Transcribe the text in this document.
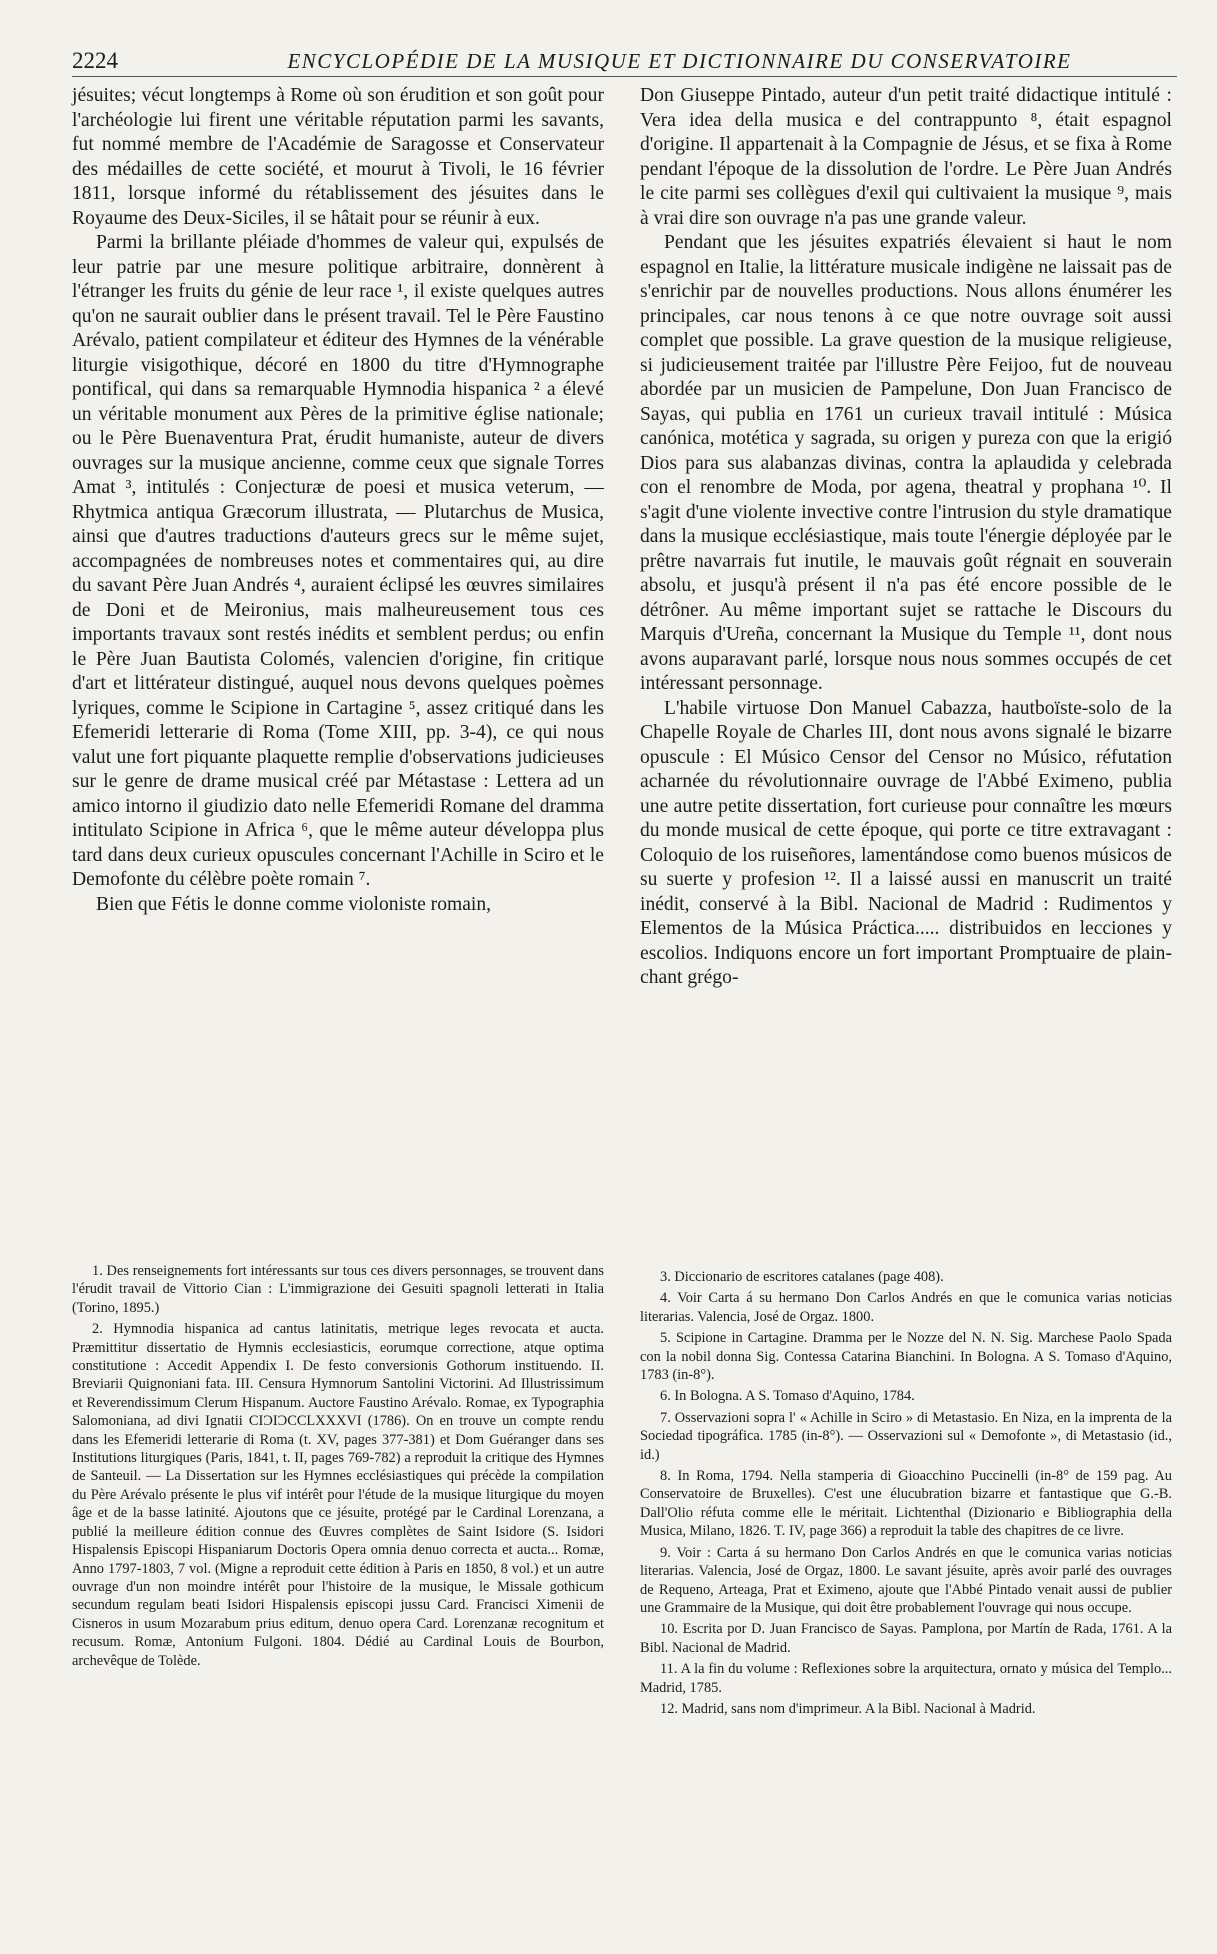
2224	ENCYCLOPÉDIE DE LA MUSIQUE ET DICTIONNAIRE DU CONSERVATOIRE

jésuites; vécut longtemps à Rome où son érudition et son goût pour l'archéologie lui firent une véritable réputation parmi les savants, fut nommé membre de l'Académie de Saragosse et Conservateur des médailles de cette société, et mourut à Tivoli, le 16 février 1811, lorsque informé du rétablissement des jésuites dans le Royaume des Deux-Siciles, il se hâtait pour se réunir à eux.

Parmi la brillante pléiade d'hommes de valeur qui, expulsés de leur patrie par une mesure politique arbitraire, donnèrent à l'étranger les fruits du génie de leur race ¹, il existe quelques autres qu'on ne saurait oublier dans le présent travail. Tel le Père Faustino Arévalo, patient compilateur et éditeur des Hymnes de la vénérable liturgie visigothique, décoré en 1800 du titre d'Hymnographe pontifical, qui dans sa remarquable Hymnodia hispanica ² a élevé un véritable monument aux Pères de la primitive église nationale; ou le Père Buenaventura Prat, érudit humaniste, auteur de divers ouvrages sur la musique ancienne, comme ceux que signale Torres Amat ³, intitulés : Conjecturæ de poesi et musica veterum, — Rhytmica antiqua Græcorum illustrata, — Plutarchus de Musica, ainsi que d'autres traductions d'auteurs grecs sur le même sujet, accompagnées de nombreuses notes et commentaires qui, au dire du savant Père Juan Andrés ⁴, auraient éclipsé les œuvres similaires de Doni et de Meironius, mais malheureusement tous ces importants travaux sont restés inédits et semblent perdus; ou enfin le Père Juan Bautista Colomés, valencien d'origine, fin critique d'art et littérateur distingué, auquel nous devons quelques poèmes lyriques, comme le Scipione in Cartagine ⁵, assez critiqué dans les Efemeridi letterarie di Roma (Tome XIII, pp. 3-4), ce qui nous valut une fort piquante plaquette remplie d'observations judicieuses sur le genre de drame musical créé par Métastase : Lettera ad un amico intorno il giudizio dato nelle Efemeridi Romane del dramma intitulato Scipione in Africa ⁶, que le même auteur développa plus tard dans deux curieux opuscules concernant l'Achille in Sciro et le Demofonte du célèbre poète romain ⁷.

Bien que Fétis le donne comme violoniste romain,

Don Giuseppe Pintado, auteur d'un petit traité didactique intitulé : Vera idea della musica e del contrappunto ⁸, était espagnol d'origine. Il appartenait à la Compagnie de Jésus, et se fixa à Rome pendant l'époque de la dissolution de l'ordre. Le Père Juan Andrés le cite parmi ses collègues d'exil qui cultivaient la musique ⁹, mais à vrai dire son ouvrage n'a pas une grande valeur.

Pendant que les jésuites expatriés élevaient si haut le nom espagnol en Italie, la littérature musicale indigène ne laissait pas de s'enrichir par de nouvelles productions. Nous allons énumérer les principales, car nous tenons à ce que notre ouvrage soit aussi complet que possible. La grave question de la musique religieuse, si judicieusement traitée par l'illustre Père Feijoo, fut de nouveau abordée par un musicien de Pampelune, Don Juan Francisco de Sayas, qui publia en 1761 un curieux travail intitulé : Música canónica, motética y sagrada, su origen y pureza con que la erigió Dios para sus alabanzas divinas, contra la aplaudida y celebrada con el renombre de Moda, por agena, theatral y prophana ¹⁰. Il s'agit d'une violente invective contre l'intrusion du style dramatique dans la musique ecclésiastique, mais toute l'énergie déployée par le prêtre navarrais fut inutile, le mauvais goût régnait en souverain absolu, et jusqu'à présent il n'a pas été encore possible de le détrôner. Au même important sujet se rattache le Discours du Marquis d'Ureña, concernant la Musique du Temple ¹¹, dont nous avons auparavant parlé, lorsque nous nous sommes occupés de cet intéressant personnage.

L'habile virtuose Don Manuel Cabazza, hautboïste-solo de la Chapelle Royale de Charles III, dont nous avons signalé le bizarre opuscule : El Músico Censor del Censor no Músico, réfutation acharnée du révolutionnaire ouvrage de l'Abbé Eximeno, publia une autre petite dissertation, fort curieuse pour connaître les mœurs du monde musical de cette époque, qui porte ce titre extravagant : Coloquio de los ruiseñores, lamentándose como buenos músicos de su suerte y profesion ¹². Il a laissé aussi en manuscrit un traité inédit, conservé à la Bibl. Nacional de Madrid : Rudimentos y Elementos de la Música Práctica..... distribuidos en lecciones y escolios. Indiquons encore un fort important Promptuaire de plain-chant grégo-

1. Des renseignements fort intéressants sur tous ces divers personnages, se trouvent dans l'érudit travail de Vittorio Cian : L'immigrazione dei Gesuiti spagnoli letterati in Italia (Torino, 1895.)

2. Hymnodia hispanica ad cantus latinitatis, metrique leges revocata et aucta. Præmittitur dissertatio de Hymnis ecclesiasticis, eorumque correctione, atque optima constitutione : Accedit Appendix I. De festo conversionis Gothorum instituendo. II. Breviarii Quignoniani fata. III. Censura Hymnorum Santolini Victorini. Ad Illustrissimum et Reverendissimum Clerum Hispanum. Auctore Faustino Arévalo. Romae, ex Typographia Salomoniana, ad divi Ignatii CIƆIƆCCLXXXVI (1786). On en trouve un compte rendu dans les Efemeridi letterarie di Roma (t. XV, pages 377-381) et Dom Guéranger dans ses Institutions liturgiques (Paris, 1841, t. II, pages 769-782) a reproduit la critique des Hymnes de Santeuil. — La Dissertation sur les Hymnes ecclésiastiques qui précède la compilation du Père Arévalo présente le plus vif intérêt pour l'étude de la musique liturgique du moyen âge et de la basse latinité. Ajoutons que ce jésuite, protégé par le Cardinal Lorenzana, a publié la meilleure édition connue des Œuvres complètes de Saint Isidore (S. Isidori Hispalensis Episcopi Hispaniarum Doctoris Opera omnia denuo correcta et aucta... Romæ, Anno 1797-1803, 7 vol. (Migne a reproduit cette édition à Paris en 1850, 8 vol.) et un autre ouvrage d'un non moindre intérêt pour l'histoire de la musique, le Missale gothicum secundum regulam beati Isidori Hispalensis episcopi jussu Card. Francisci Ximenii de Cisneros in usum Mozarabum prius editum, denuo opera Card. Lorenzanæ recognitum et recusum. Romæ, Antonium Fulgoni. 1804. Dédié au Cardinal Louis de Bourbon, archevêque de Tolède.

3. Diccionario de escritores catalanes (page 408).

4. Voir Carta á su hermano Don Carlos Andrés en que le comunica varias noticias literarias. Valencia, José de Orgaz. 1800.

5. Scipione in Cartagine. Dramma per le Nozze del N. N. Sig. Marchese Paolo Spada con la nobil donna Sig. Contessa Catarina Bianchini. In Bologna. A S. Tomaso d'Aquino, 1783 (in-8°).

6. In Bologna. A S. Tomaso d'Aquino, 1784.

7. Osservazioni sopra l' « Achille in Sciro » di Metastasio. En Niza, en la imprenta de la Sociedad tipográfica. 1785 (in-8°). — Osservazioni sul « Demofonte », di Metastasio (id., id.)

8. In Roma, 1794. Nella stamperia di Gioacchino Puccinelli (in-8° de 159 pag. Au Conservatoire de Bruxelles). C'est une élucubration bizarre et fantastique que G.-B. Dall'Olio réfuta comme elle le méritait. Lichtenthal (Dizionario e Bibliographia della Musica, Milano, 1826. T. IV, page 366) a reproduit la table des chapitres de ce livre.

9. Voir : Carta á su hermano Don Carlos Andrés en que le comunica varias noticias literarias. Valencia, José de Orgaz, 1800. Le savant jésuite, après avoir parlé des ouvrages de Requeno, Arteaga, Prat et Eximeno, ajoute que l'Abbé Pintado venait aussi de publier une Grammaire de la Musique, qui doit être probablement l'ouvrage qui nous occupe.

10. Escrita por D. Juan Francisco de Sayas. Pamplona, por Martín de Rada, 1761. A la Bibl. Nacional de Madrid.

11. A la fin du volume : Reflexiones sobre la arquitectura, ornato y música del Templo... Madrid, 1785.

12. Madrid, sans nom d'imprimeur. A la Bibl. Nacional à Madrid.
